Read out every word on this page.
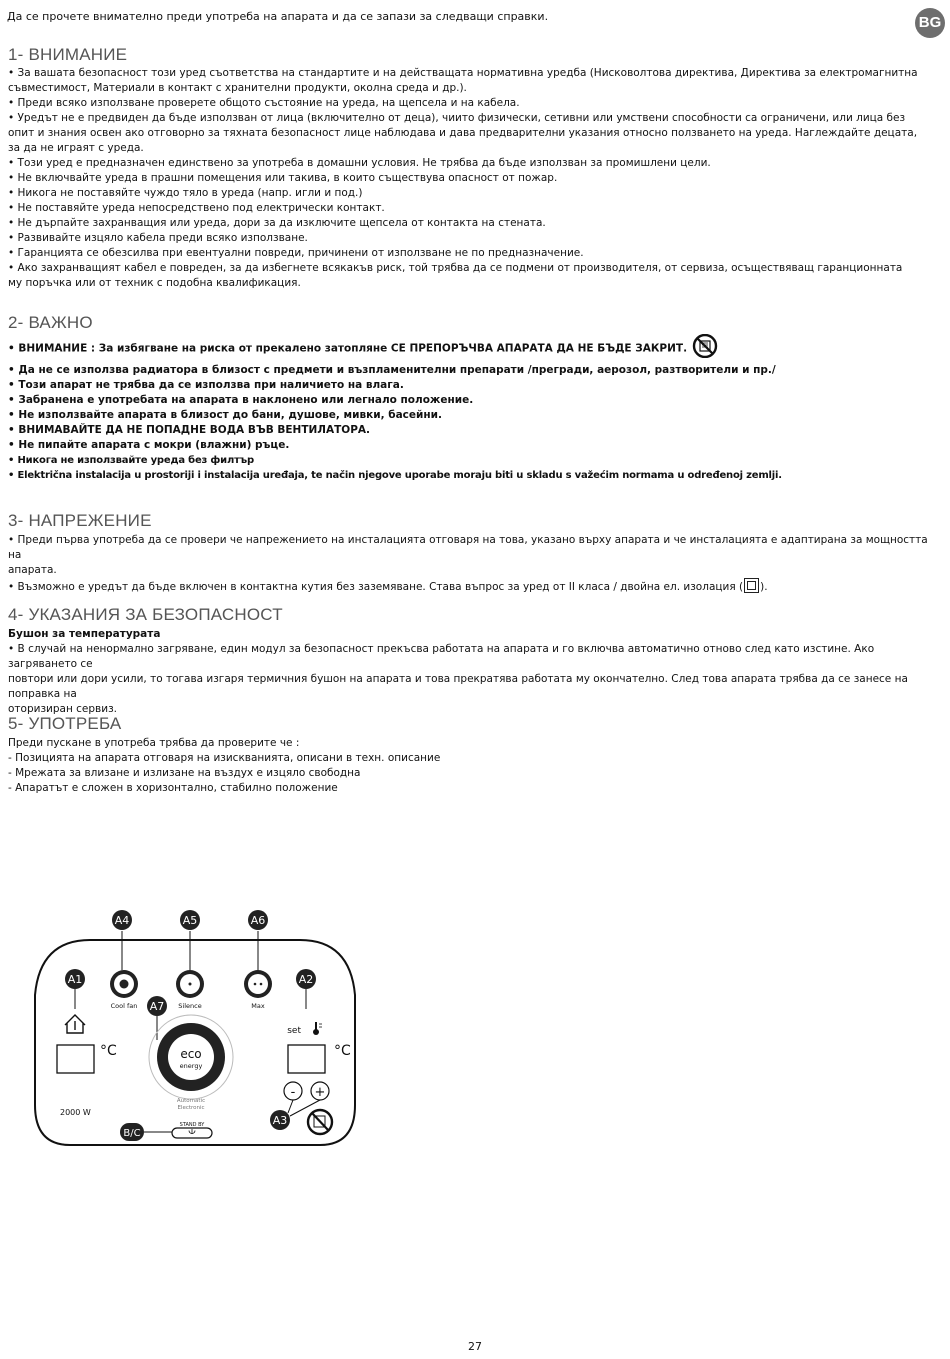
Да се прочете внимателно преди употреба на апарата и да се запази за следващи справки.	BG
1- ВНИМАНИЕ

• За вашата безопасност този уред съответства на стандартите и на действащата нормативна уредба (Нисковолтова директива, Директива за електромагнитна

съвместимост, Материали в контакт с хранителни продукти, околна среда и др.).

• Преди всяко използване проверете общото състояние на уреда, на щепсела и на кабела.

• Уредът не е предвиден да бъде използван от лица (включително от деца), чиито физически, сетивни или умствени способности са ограничени, или лица без

опит и знания освен ако отговорно за тяхната безопасност лице наблюдава и дава предварителни указания относно ползването на уреда. Наглеждайте децата,

за да не играят с уреда.

• Този уред е предназначен единствено за употреба в домашни условия. Не трябва да бъде използван за промишлени цели.

• Не включвайте уреда в прашни помещения или такива, в които съществува опасност от пожар.

• Никога не поставяйте чуждо тяло в уреда (напр. игли и под.)

• Не поставяйте уреда непосредствено под електрически контакт.

• Не дърпайте захранващия или уреда, дори за да изключите щепсела от контакта на стената.

• Развивайте изцяло кабела преди всяко използване.

• Гаранцията се обезсилва при евентуални повреди, причинени от използване не по предназначение.

• Ако захранващият кабел е повреден, за да избегнете всякакъв риск, той трябва да се подмени от производителя, от сервиза, осъществяващ гаранционната

му поръчка или от техник с подобна квалификация.

2- ВАЖНО

• ВНИМАНИЕ : За избягване на риска от прекалено затопляне СЕ ПРЕПОРЪЧВА АПАРАТА ДА НЕ БЪДЕ ЗАКРИТ.

• Да не се използва радиатора в близост с предмети и възпламенителни препарати /прегради, аерозол, разтворители и пр./

• Този апарат не трябва да се използва при наличието на влага.

• Забранена е употребата на апарата в наклонено или легнало положение.

• Не използвайте апарата в близост до бани, душове, мивки, басейни.

• ВНИМАВАЙТЕ ДА НЕ ПОПАДНЕ ВОДА ВЪВ ВЕНТИЛАТОРА.

• Не пипайте апарата с мокри (влажни) ръце.

• Никога не използвайте уреда без филтър

• Električna instalacija u prostoriji i instalacija uređaja, te način njegove uporabe moraju biti u skladu s važećim normama u određenoj zemlji.

3- НАПРЕЖЕНИЕ

• Преди първа употреба да се провери че напрежението на инсталацията отговаря на това, указано върху апарата и че инсталацията е адаптирана за мощността на

апарата.

• Възможно е уредът да бъде включен в контактна кутия без заземяване. Става въпрос за уред от II класа / двойна ел. изолация ( ).

4- УКАЗАНИЯ ЗА БЕЗОПАСНОСТ

Бушон за температурата

• В случай на ненормално загряване, един модул за безопасност прекъсва работата на апарата и го включва автоматично отново след като изстине. Ако загряването се

повтори или дори усили, то тогава изгаря термичния бушон на апарата и това прекратява работата му окончателно. След това апарата трябва да се занесе на поправка на

оторизиран сервиз.

5- УПОТРЕБА

Преди пускане в употреба трябва да проверите че :

- Позицията на апарата отговаря на изискванията, описани в техн. описание

- Мрежата за влизане и излизане на въздух е изцяло свободна

- Апаратът е сложен в хоризонтално, стабилно положение

A4	A5	A6
Cool fan	Silence	Max
A1
°C
2000 W
A7
eco
energy
Automatic
Electronic
B/C
STAND BY
A2
set
°C
- +
A3
27
